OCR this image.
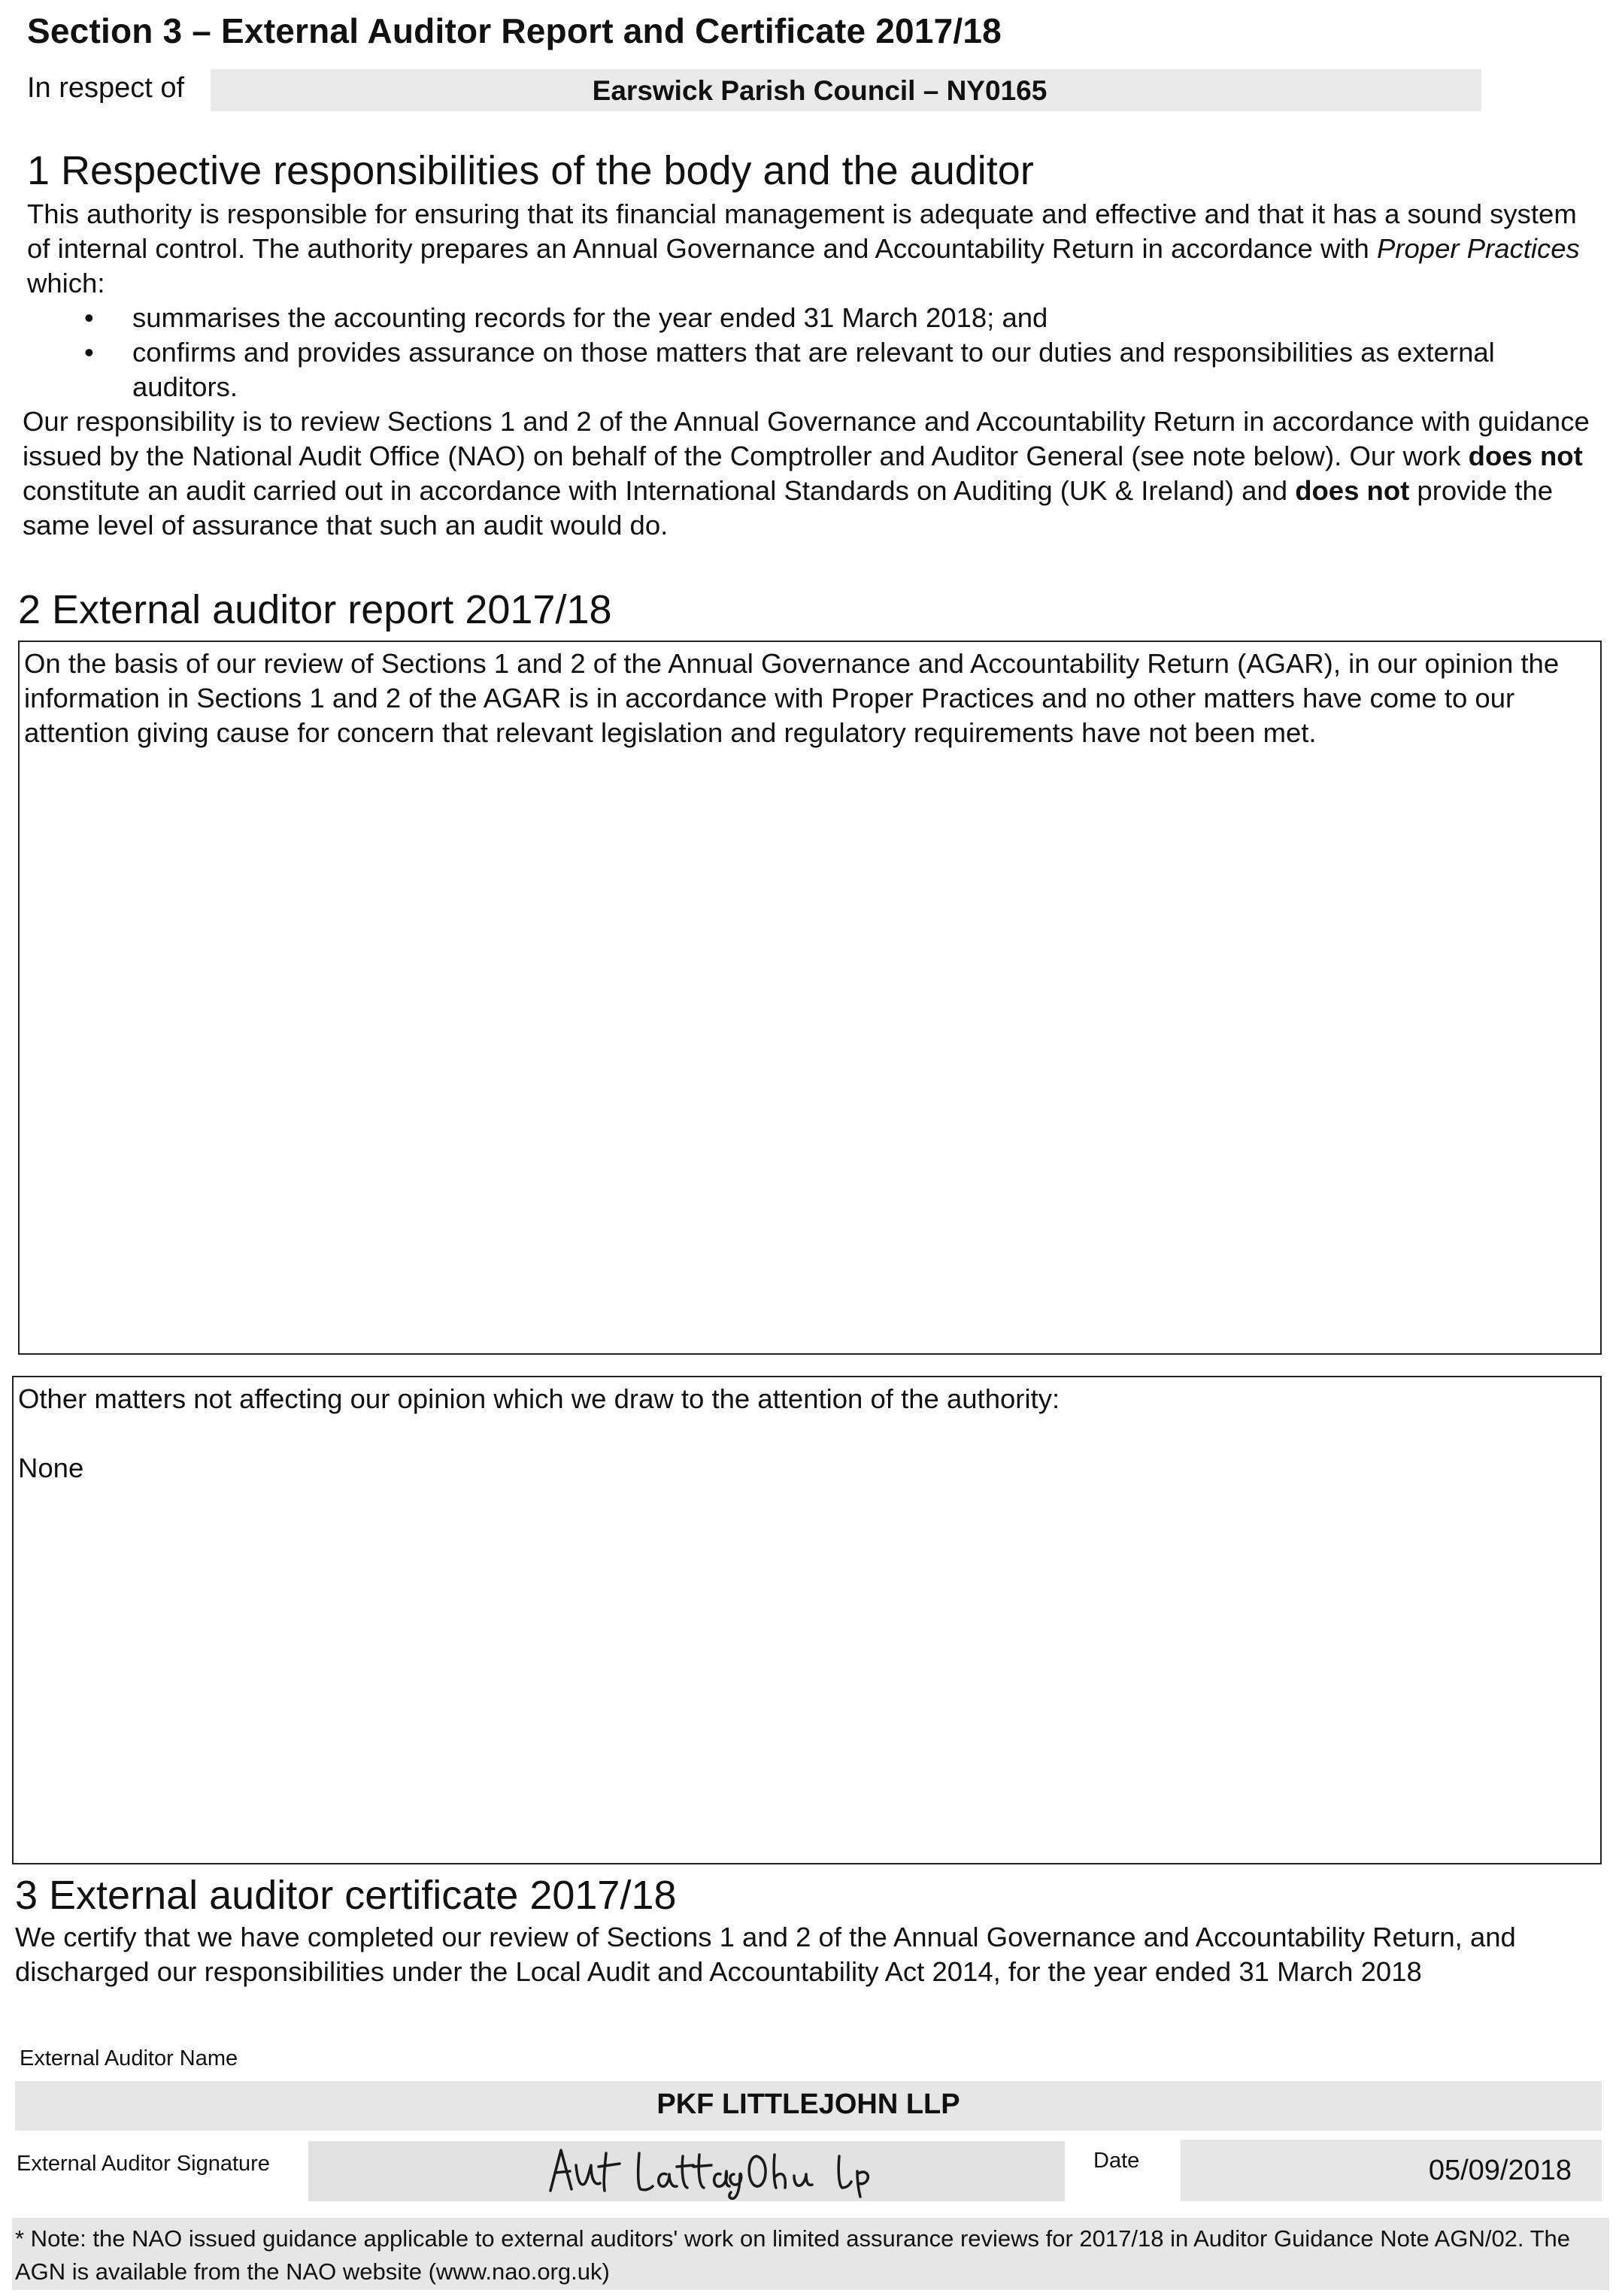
Section 3 – External Auditor Report and Certificate 2017/18
In respect of	Earswick Parish Council – NY0165
1 Respective responsibilities of the body and the auditor

This authority is responsible for ensuring that its financial management is adequate and effective and that it has a sound system of internal control. The authority prepares an Annual Governance and Accountability Return in accordance with Proper Practices which:

• summarises the accounting records for the year ended 31 March 2018; and
• confirms and provides assurance on those matters that are relevant to our duties and responsibilities as external auditors.

Our responsibility is to review Sections 1 and 2 of the Annual Governance and Accountability Return in accordance with guidance issued by the National Audit Office (NAO) on behalf of the Comptroller and Auditor General (see note below). Our work does not constitute an audit carried out in accordance with International Standards on Auditing (UK & Ireland) and does not provide the same level of assurance that such an audit would do.

2 External auditor report 2017/18
On the basis of our review of Sections 1 and 2 of the Annual Governance and Accountability Return (AGAR), in our opinion the information in Sections 1 and 2 of the AGAR is in accordance with Proper Practices and no other matters have come to our attention giving cause for concern that relevant legislation and regulatory requirements have not been met.
Other matters not affecting our opinion which we draw to the attention of the authority:
None
3 External auditor certificate 2017/18
We certify that we have completed our review of Sections 1 and 2 of the Annual Governance and Accountability Return, and discharged our responsibilities under the Local Audit and Accountability Act 2014, for the year ended 31 March 2018
External Auditor Name
PKF LITTLEJOHN LLP
External Auditor Signature	Date	05/09/2018
* Note: the NAO issued guidance applicable to external auditors' work on limited assurance reviews for 2017/18 in Auditor Guidance Note AGN/02. The AGN is available from the NAO website (www.nao.org.uk)
